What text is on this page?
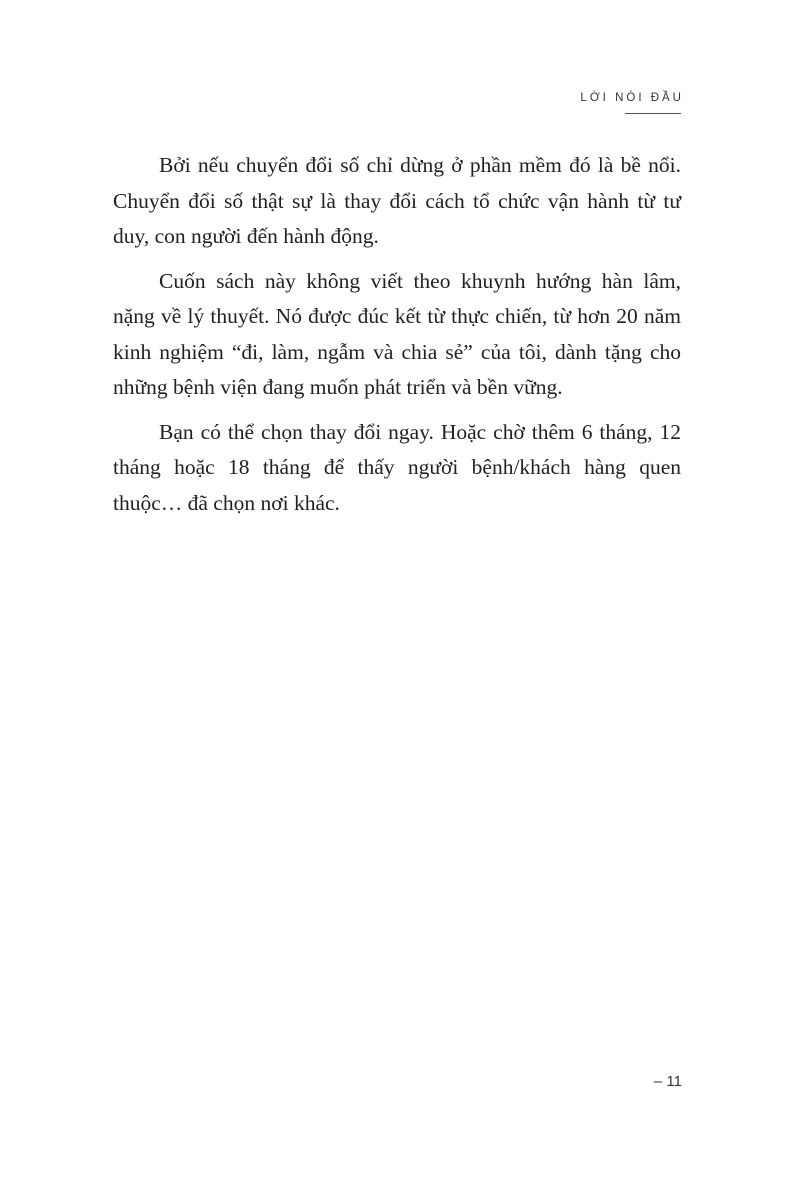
LỜI NÓI ĐẦU

Bởi nếu chuyển đổi số chỉ dừng ở phần mềm đó là bề nổi. Chuyển đổi số thật sự là thay đổi cách tổ chức vận hành từ tư duy, con người đến hành động.

Cuốn sách này không viết theo khuynh hướng hàn lâm, nặng về lý thuyết. Nó được đúc kết từ thực chiến, từ hơn 20 năm kinh nghiệm “đi, làm, ngẫm và chia sẻ” của tôi, dành tặng cho những bệnh viện đang muốn phát triển và bền vững.

Bạn có thể chọn thay đổi ngay. Hoặc chờ thêm 6 tháng, 12 tháng hoặc 18 tháng để thấy người bệnh/khách hàng quen thuộc… đã chọn nơi khác.

– 11
